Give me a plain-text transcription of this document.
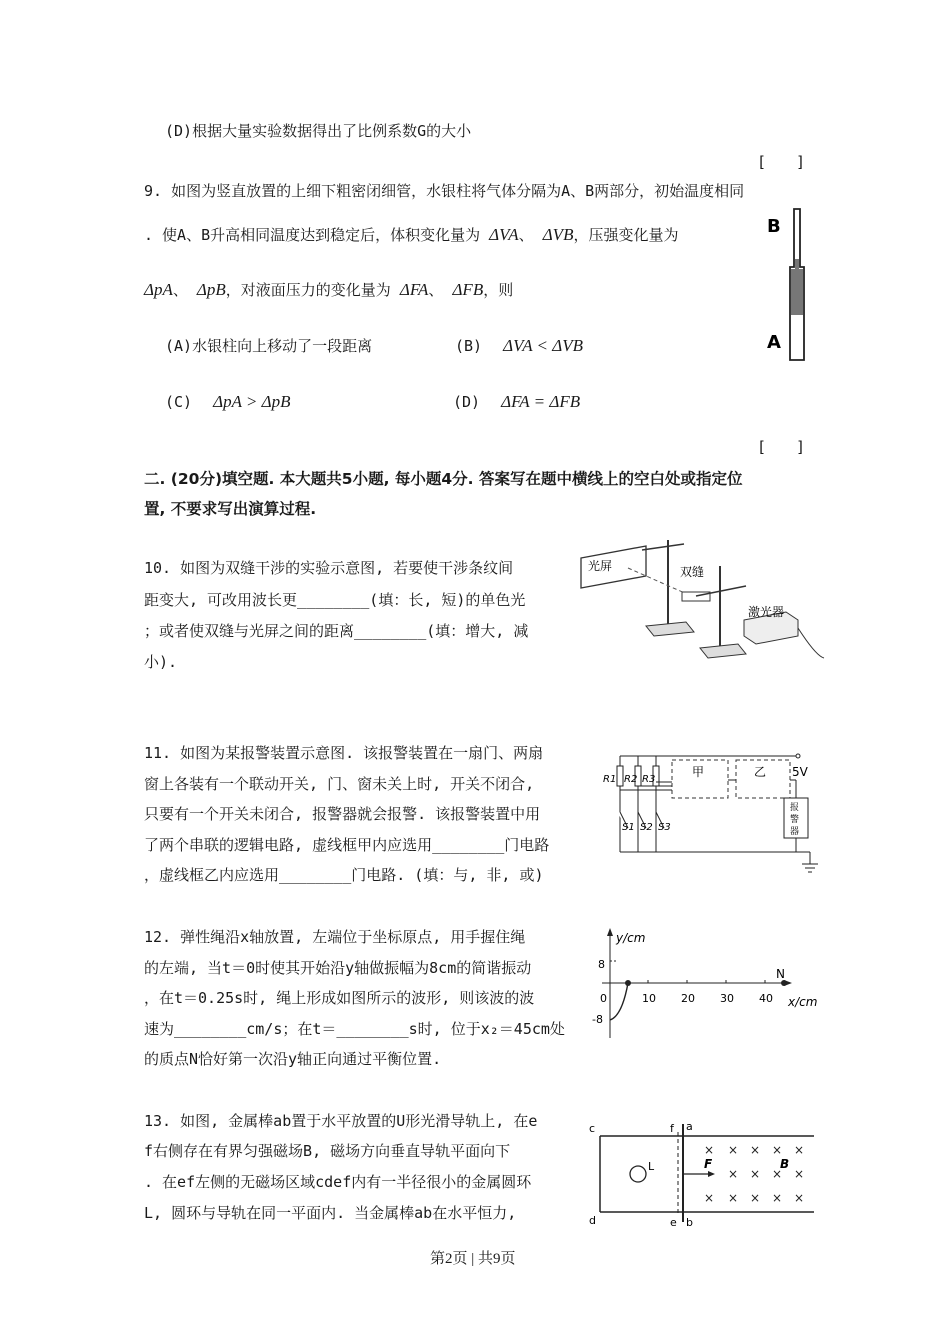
(D)根据大量实验数据得出了比例系数G的大小
[　　]
9. 如图为竖直放置的上细下粗密闭细管，水银柱将气体分隔为A、B两部分，初始温度相同
. 使A、B升高相同温度达到稳定后，体积变化量为 ΔVA、 ΔVB，压强变化量为
ΔpA、 ΔpB，对液面压力的变化量为 ΔFA、 ΔFB，则
(A)水银柱向上移动了一段距离	(B) ΔVA < ΔVB
(C) ΔpA > ΔpB	(D) ΔFA = ΔFB
[　　]
B
A
二. (20分)填空题. 本大题共5小题, 每小题4分. 答案写在题中横线上的空白处或指定位
置, 不要求写出演算过程.
10. 如图为双缝干涉的实验示意图, 若要使干涉条纹间
距变大, 可改用波长更________(填：长, 短)的单色光
；或者使双缝与光屏之间的距离________(填：增大, 减
小).
光屏	双缝
激光器
11. 如图为某报警装置示意图. 该报警装置在一扇门、两扇
窗上各装有一个联动开关, 门、窗未关上时, 开关不闭合,
只要有一个开关未闭合, 报警器就会报警. 该报警装置中用
了两个串联的逻辑电路, 虚线框甲内应选用________门电路
，虚线框乙内应选用________门电路. (填：与, 非, 或)
5V
R1 R2 R3
甲	乙
报
警
器
S1 S2 S3
12. 弹性绳沿x轴放置, 左端位于坐标原点, 用手握住绳
的左端, 当t＝0时使其开始沿y轴做振幅为8cm的简谐振动
，在t＝0.25s时, 绳上形成如图所示的波形, 则该波的波
速为________cm/s；在t＝________s时, 位于x₂＝45cm处
的质点N恰好第一次沿y轴正向通过平衡位置.
y/cm
x/cm
8
-8
0	10 20 30 40
N
13. 如图, 金属棒ab置于水平放置的U形光滑导轨上, 在e
f右侧存在有界匀强磁场B, 磁场方向垂直导轨平面向下
. 在ef左侧的无磁场区域cdef内有一半径很小的金属圆环
L, 圆环与导轨在同一平面内. 当金属棒ab在水平恒力,
c
d
f
e
a
b
L	F	B
× × × × ×
× × × ×
× × × × ×
第2页 | 共9页
